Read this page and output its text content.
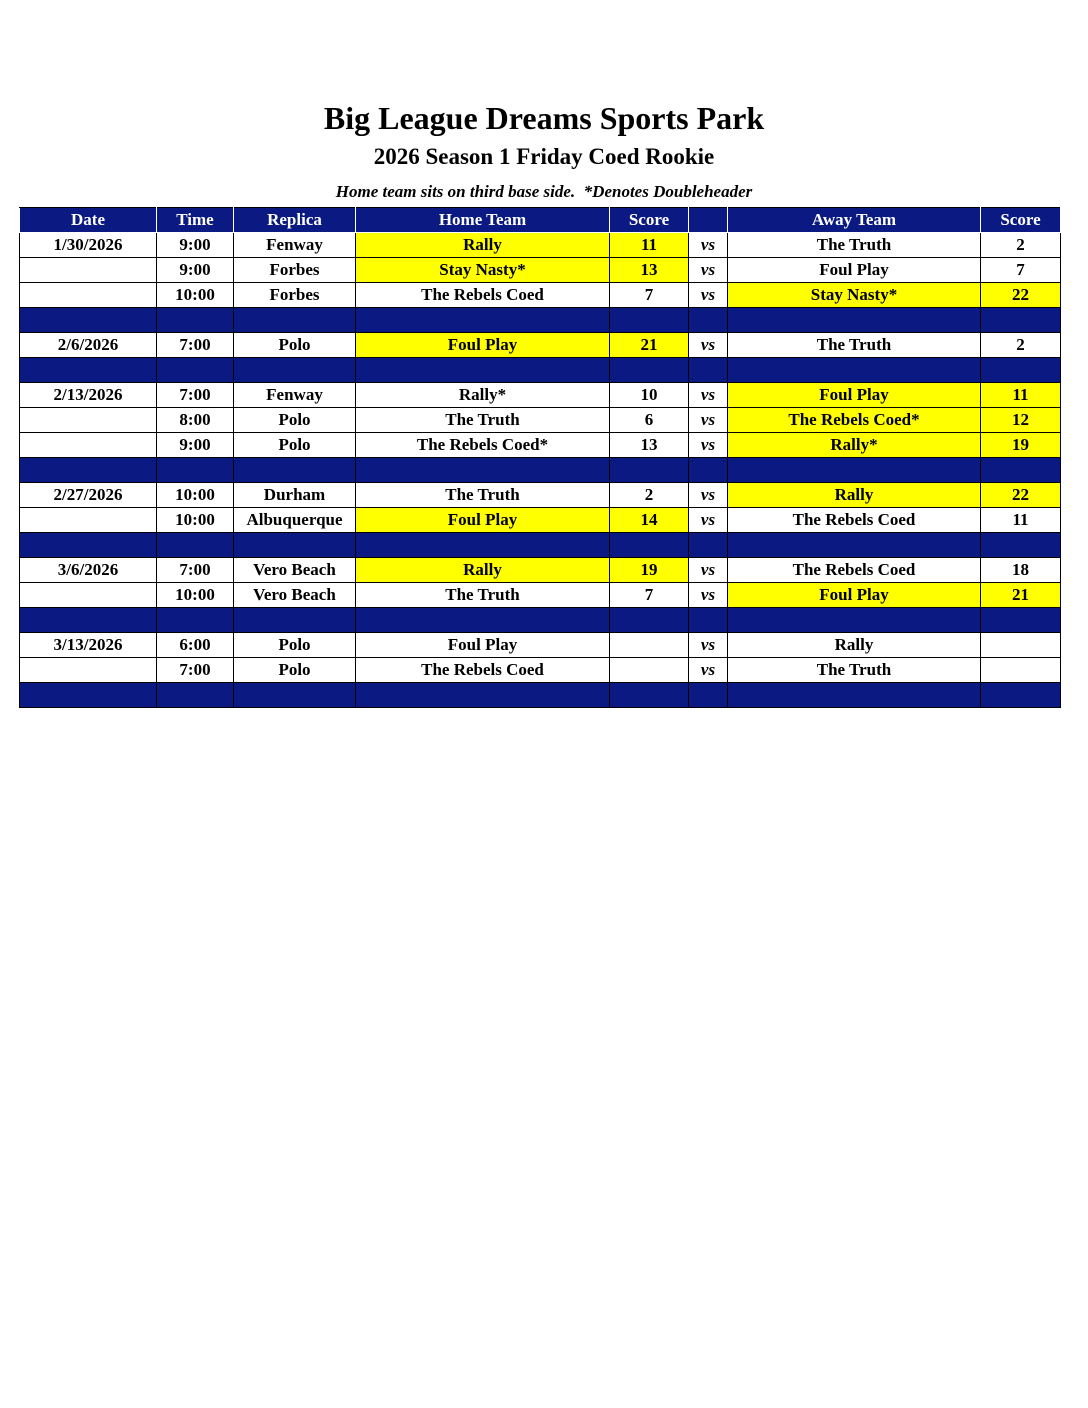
Big League Dreams Sports Park
2026 Season 1 Friday Coed Rookie
Home team sits on third base side.  *Denotes Doubleheader
Date	Time	Replica	Home Team	Score		Away Team	Score
1/30/2026	9:00	Fenway	Rally	11	vs	The Truth	2
	9:00	Forbes	Stay Nasty*	13	vs	Foul Play	7
	10:00	Forbes	The Rebels Coed	7	vs	Stay Nasty*	22

2/6/2026	7:00	Polo	Foul Play	21	vs	The Truth	2

2/13/2026	7:00	Fenway	Rally*	10	vs	Foul Play	11
	8:00	Polo	The Truth	6	vs	The Rebels Coed*	12
	9:00	Polo	The Rebels Coed*	13	vs	Rally*	19

2/27/2026	10:00	Durham	The Truth	2	vs	Rally	22
	10:00	Albuquerque	Foul Play	14	vs	The Rebels Coed	11

3/6/2026	7:00	Vero Beach	Rally	19	vs	The Rebels Coed	18
	10:00	Vero Beach	The Truth	7	vs	Foul Play	21

3/13/2026	6:00	Polo	Foul Play		vs	Rally	
	7:00	Polo	The Rebels Coed		vs	The Truth	
